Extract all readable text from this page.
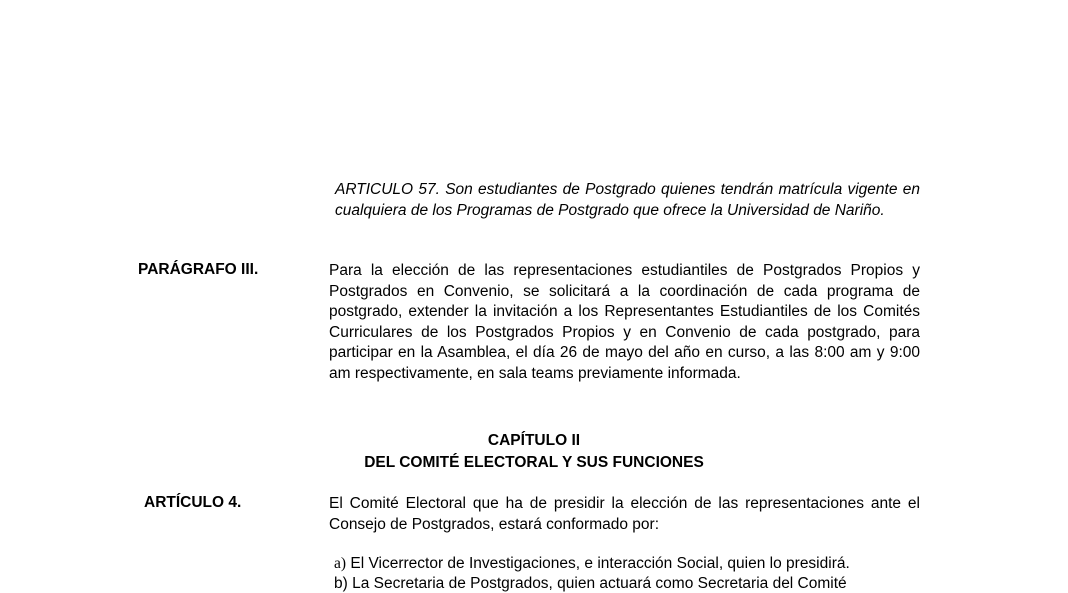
ARTICULO 57. Son estudiantes de Postgrado quienes tendrán matrícula vigente en cualquiera de los Programas de Postgrado que ofrece la Universidad de Nariño.
PARÁGRAFO III.	Para la elección de las representaciones estudiantiles de Postgrados Propios y Postgrados en Convenio, se solicitará a la coordinación de cada programa de postgrado, extender la invitación a los Representantes Estudiantiles de los Comités Curriculares de los Postgrados Propios y en Convenio de cada postgrado, para participar en la Asamblea, el día 26 de mayo del año en curso, a las 8:00 am y 9:00 am respectivamente, en sala teams previamente informada.
CAPÍTULO II
DEL COMITÉ ELECTORAL Y SUS FUNCIONES
ARTÍCULO 4.	El Comité Electoral que ha de presidir la elección de las representaciones ante el Consejo de Postgrados, estará conformado por:
a) El Vicerrector de Investigaciones, e interacción Social, quien lo presidirá.
b) La Secretaria de Postgrados, quien actuará como Secretaria del Comité
